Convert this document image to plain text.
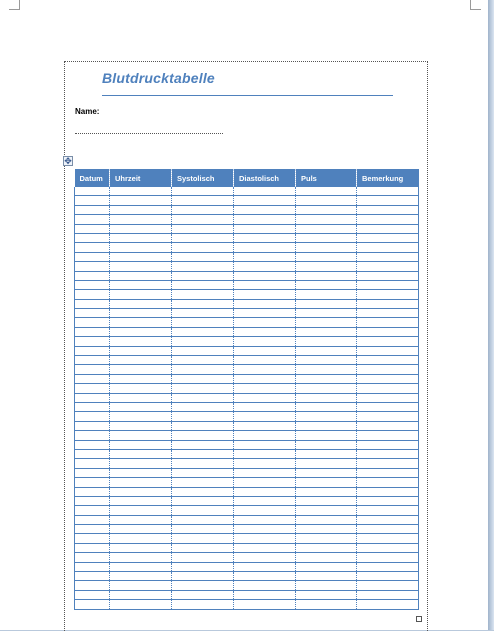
Blutdrucktabelle
Name:
✥
Datum	Uhrzeit	Systolisch	Diastolisch	Puls	Bemerkung
